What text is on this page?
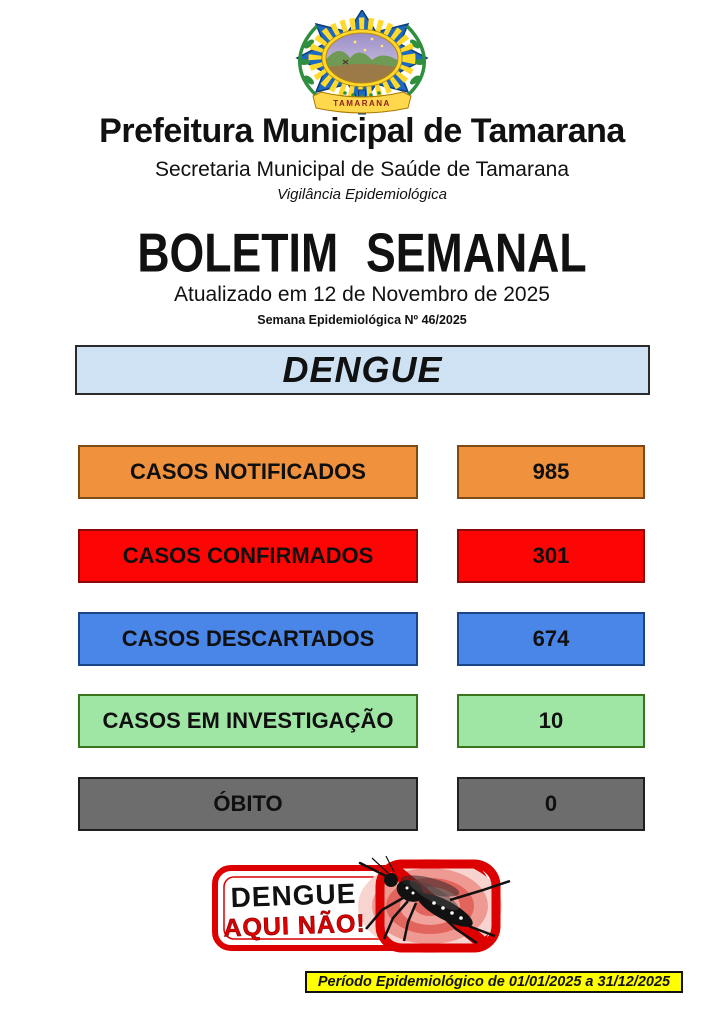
TAMARANA
Prefeitura Municipal de Tamarana
Secretaria Municipal de Saúde de Tamarana
Vigilância Epidemiológica
BOLETIM SEMANAL
Atualizado em 12 de Novembro de 2025
Semana Epidemiológica Nº 46/2025
DENGUE
CASOS NOTIFICADOS	985
CASOS CONFIRMADOS	301
CASOS DESCARTADOS	674
CASOS EM INVESTIGAÇÃO	10
ÓBITO	0
DENGUE
AQUI NÃO!
Período Epidemiológico de 01/01/2025 a 31/12/2025
